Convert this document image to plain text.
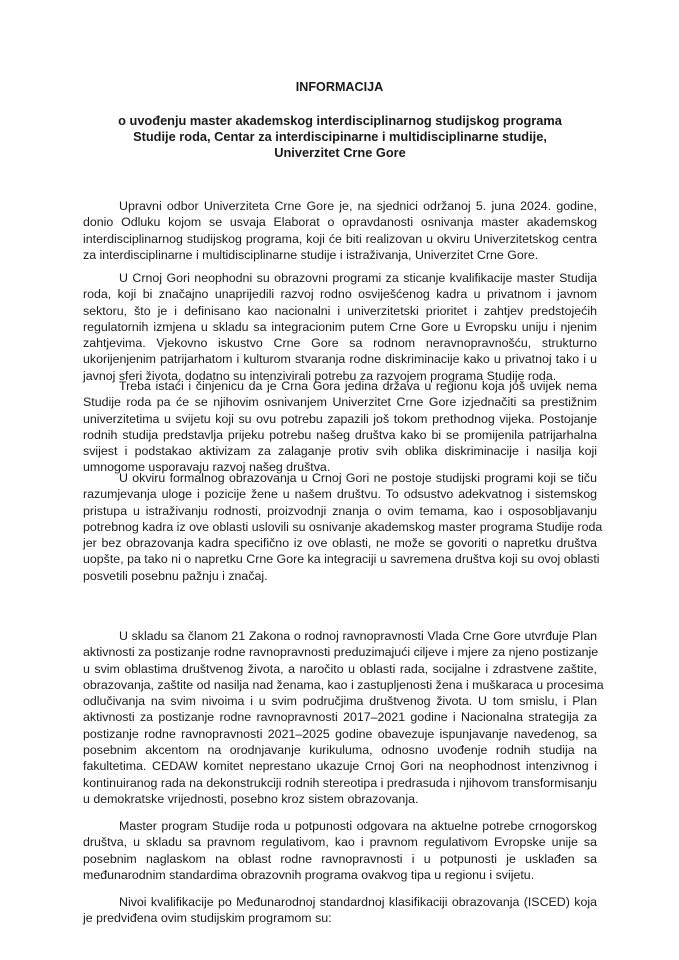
INFORMACIJA
o uvođenju master akademskog interdisciplinarnog studijskog programa
Studije roda, Centar za interdiscipinarne i multidisciplinarne studije,
Univerzitet Crne Gore
Upravni odbor Univerziteta Crne Gore je, na sjednici održanoj 5. juna 2024. godine,
donio Odluku kojom se usvaja Elaborat o opravdanosti osnivanja master akademskog
interdisciplinarnog studijskog programa, koji će biti realizovan u okviru Univerzitetskog centra
za interdisciplinarne i multidisciplinarne studije i istraživanja, Univerzitet Crne Gore.
U Crnoj Gori neophodni su obrazovni programi za sticanje kvalifikacije master Studija
roda, koji bi značajno unaprijedili razvoj rodno osviješćenog kadra u privatnom i javnom
sektoru, što je i definisano kao nacionalni i univerzitetski prioritet i zahtjev predstojećih
regulatornih izmjena u skladu sa integracionim putem Crne Gore u Evropsku uniju i njenim
zahtjevima. Vjekovno iskustvo Crne Gore sa rodnom neravnopravnošću, strukturno
ukorijenjenim patrijarhatom i kulturom stvaranja rodne diskriminacije kako u privatnoj tako i u
javnoj sferi života, dodatno su intenzivirali potrebu za razvojem programa Studije roda.
Treba istaći i činjenicu da je Crna Gora jedina država u regionu koja još uvijek nema
Studije roda pa će se njihovim osnivanjem Univerzitet Crne Gore izjednačiti sa prestižnim
univerzitetima u svijetu koji su ovu potrebu zapazili još tokom prethodnog vijeka. Postojanje
rodnih studija predstavlja prijeku potrebu našeg društva kako bi se promijenila patrijarhalna
svijest i podstakao aktivizam za zalaganje protiv svih oblika diskriminacije i nasilja koji
umnogome usporavaju razvoj našeg društva.
U okviru formalnog obrazovanja u Crnoj Gori ne postoje studijski programi koji se tiču
razumjevanja uloge i pozicije žene u našem društvu. To odsustvo adekvatnog i sistemskog
pristupa u istraživanju rodnosti, proizvodnji znanja o ovim temama, kao i osposobljavanju
potrebnog kadra iz ove oblasti uslovili su osnivanje akademskog master programa Studije roda
jer bez obrazovanja kadra specifično iz ove oblasti, ne može se govoriti o napretku društva
uopšte, pa tako ni o napretku Crne Gore ka integraciji u savremena društva koji su ovoj oblasti
posvetili posebnu pažnju i značaj.
U skladu sa članom 21 Zakona o rodnoj ravnopravnosti Vlada Crne Gore utvrđuje Plan
aktivnosti za postizanje rodne ravnopravnosti preduzimajući ciljeve i mjere za njeno postizanje
u svim oblastima društvenog života, a naročito u oblasti rada, socijalne i zdrastvene zaštite,
obrazovanja, zaštite od nasilja nad ženama, kao i zastupljenosti žena i muškaraca u procesima
odlučivanja na svim nivoima i u svim područjima društvenog života. U tom smislu, i Plan
aktivnosti za postizanje rodne ravnopravnosti 2017–2021 godine i Nacionalna strategija za
postizanje rodne ravnopravnosti 2021–2025 godine obavezuje ispunjavanje navedenog, sa
posebnim akcentom na orodnjavanje kurikuluma, odnosno uvođenje rodnih studija na
fakultetima. CEDAW komitet neprestano ukazuje Crnoj Gori na neophodnost intenzivnog i
kontinuiranog rada na dekonstrukciji rodnih stereotipa i predrasuda i njihovom transformisanju
u demokratske vrijednosti, posebno kroz sistem obrazovanja.
Master program Studije roda u potpunosti odgovara na aktuelne potrebe crnogorskog
društva, u skladu sa pravnom regulativom, kao i pravnom regulativom Evropske unije sa
posebnim naglaskom na oblast rodne ravnopravnosti i u potpunosti je usklađen sa
međunarodnim standardima obrazovnih programa ovakvog tipa u regionu i svijetu.
Nivoi kvalifikacije po Međunarodnoj standardnoj klasifikaciji obrazovanja (ISCED) koja
je predviđena ovim studijskim programom su:
